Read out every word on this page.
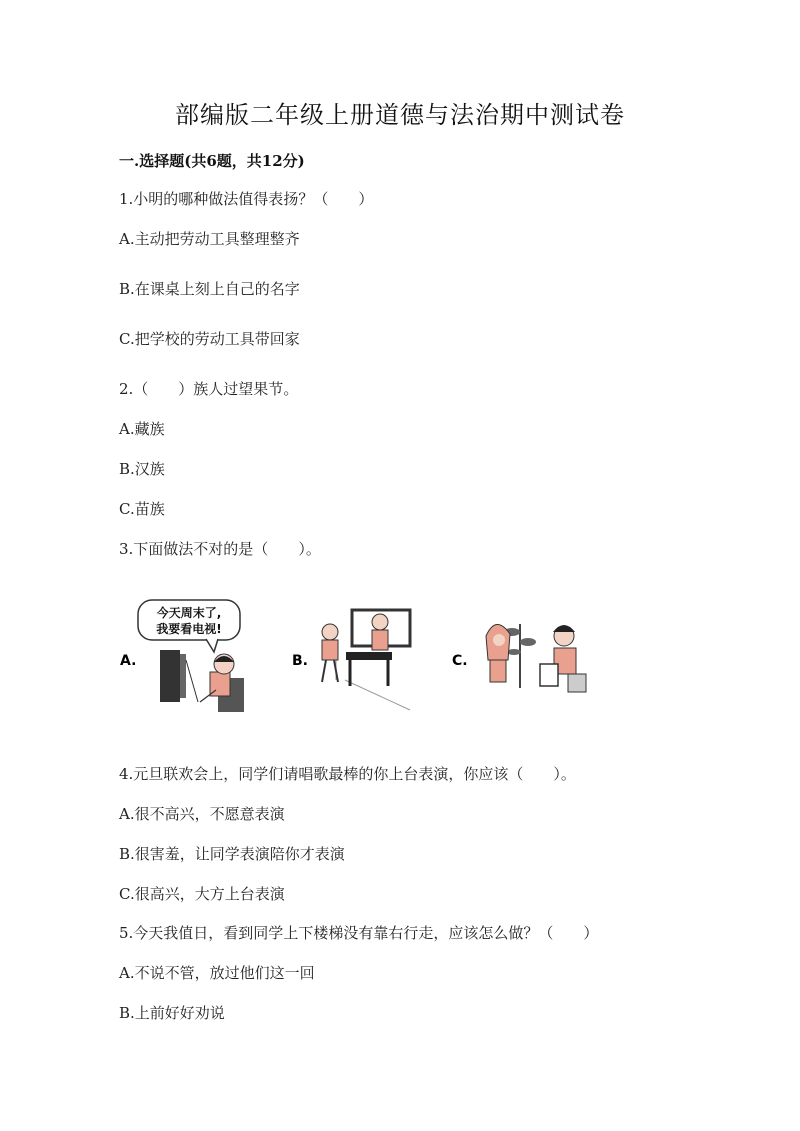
部编版二年级上册道德与法治期中测试卷
一.选择题(共6题，共12分)
1.小明的哪种做法值得表扬？（　　）
A.主动把劳动工具整理整齐
B.在课桌上刻上自己的名字
C.把学校的劳动工具带回家
2.（　　）族人过望果节。
A.藏族
B.汉族
C.苗族
3.下面做法不对的是（　　）。
A.
今天周末了,
我要看电视!
B.	C.
4.元旦联欢会上，同学们请唱歌最棒的你上台表演，你应该（　　）。
A.很不高兴，不愿意表演
B.很害羞，让同学表演陪你才表演
C.很高兴，大方上台表演
5.今天我值日，看到同学上下楼梯没有靠右行走，应该怎么做？（　　）
A.不说不管，放过他们这一回
B.上前好好劝说
